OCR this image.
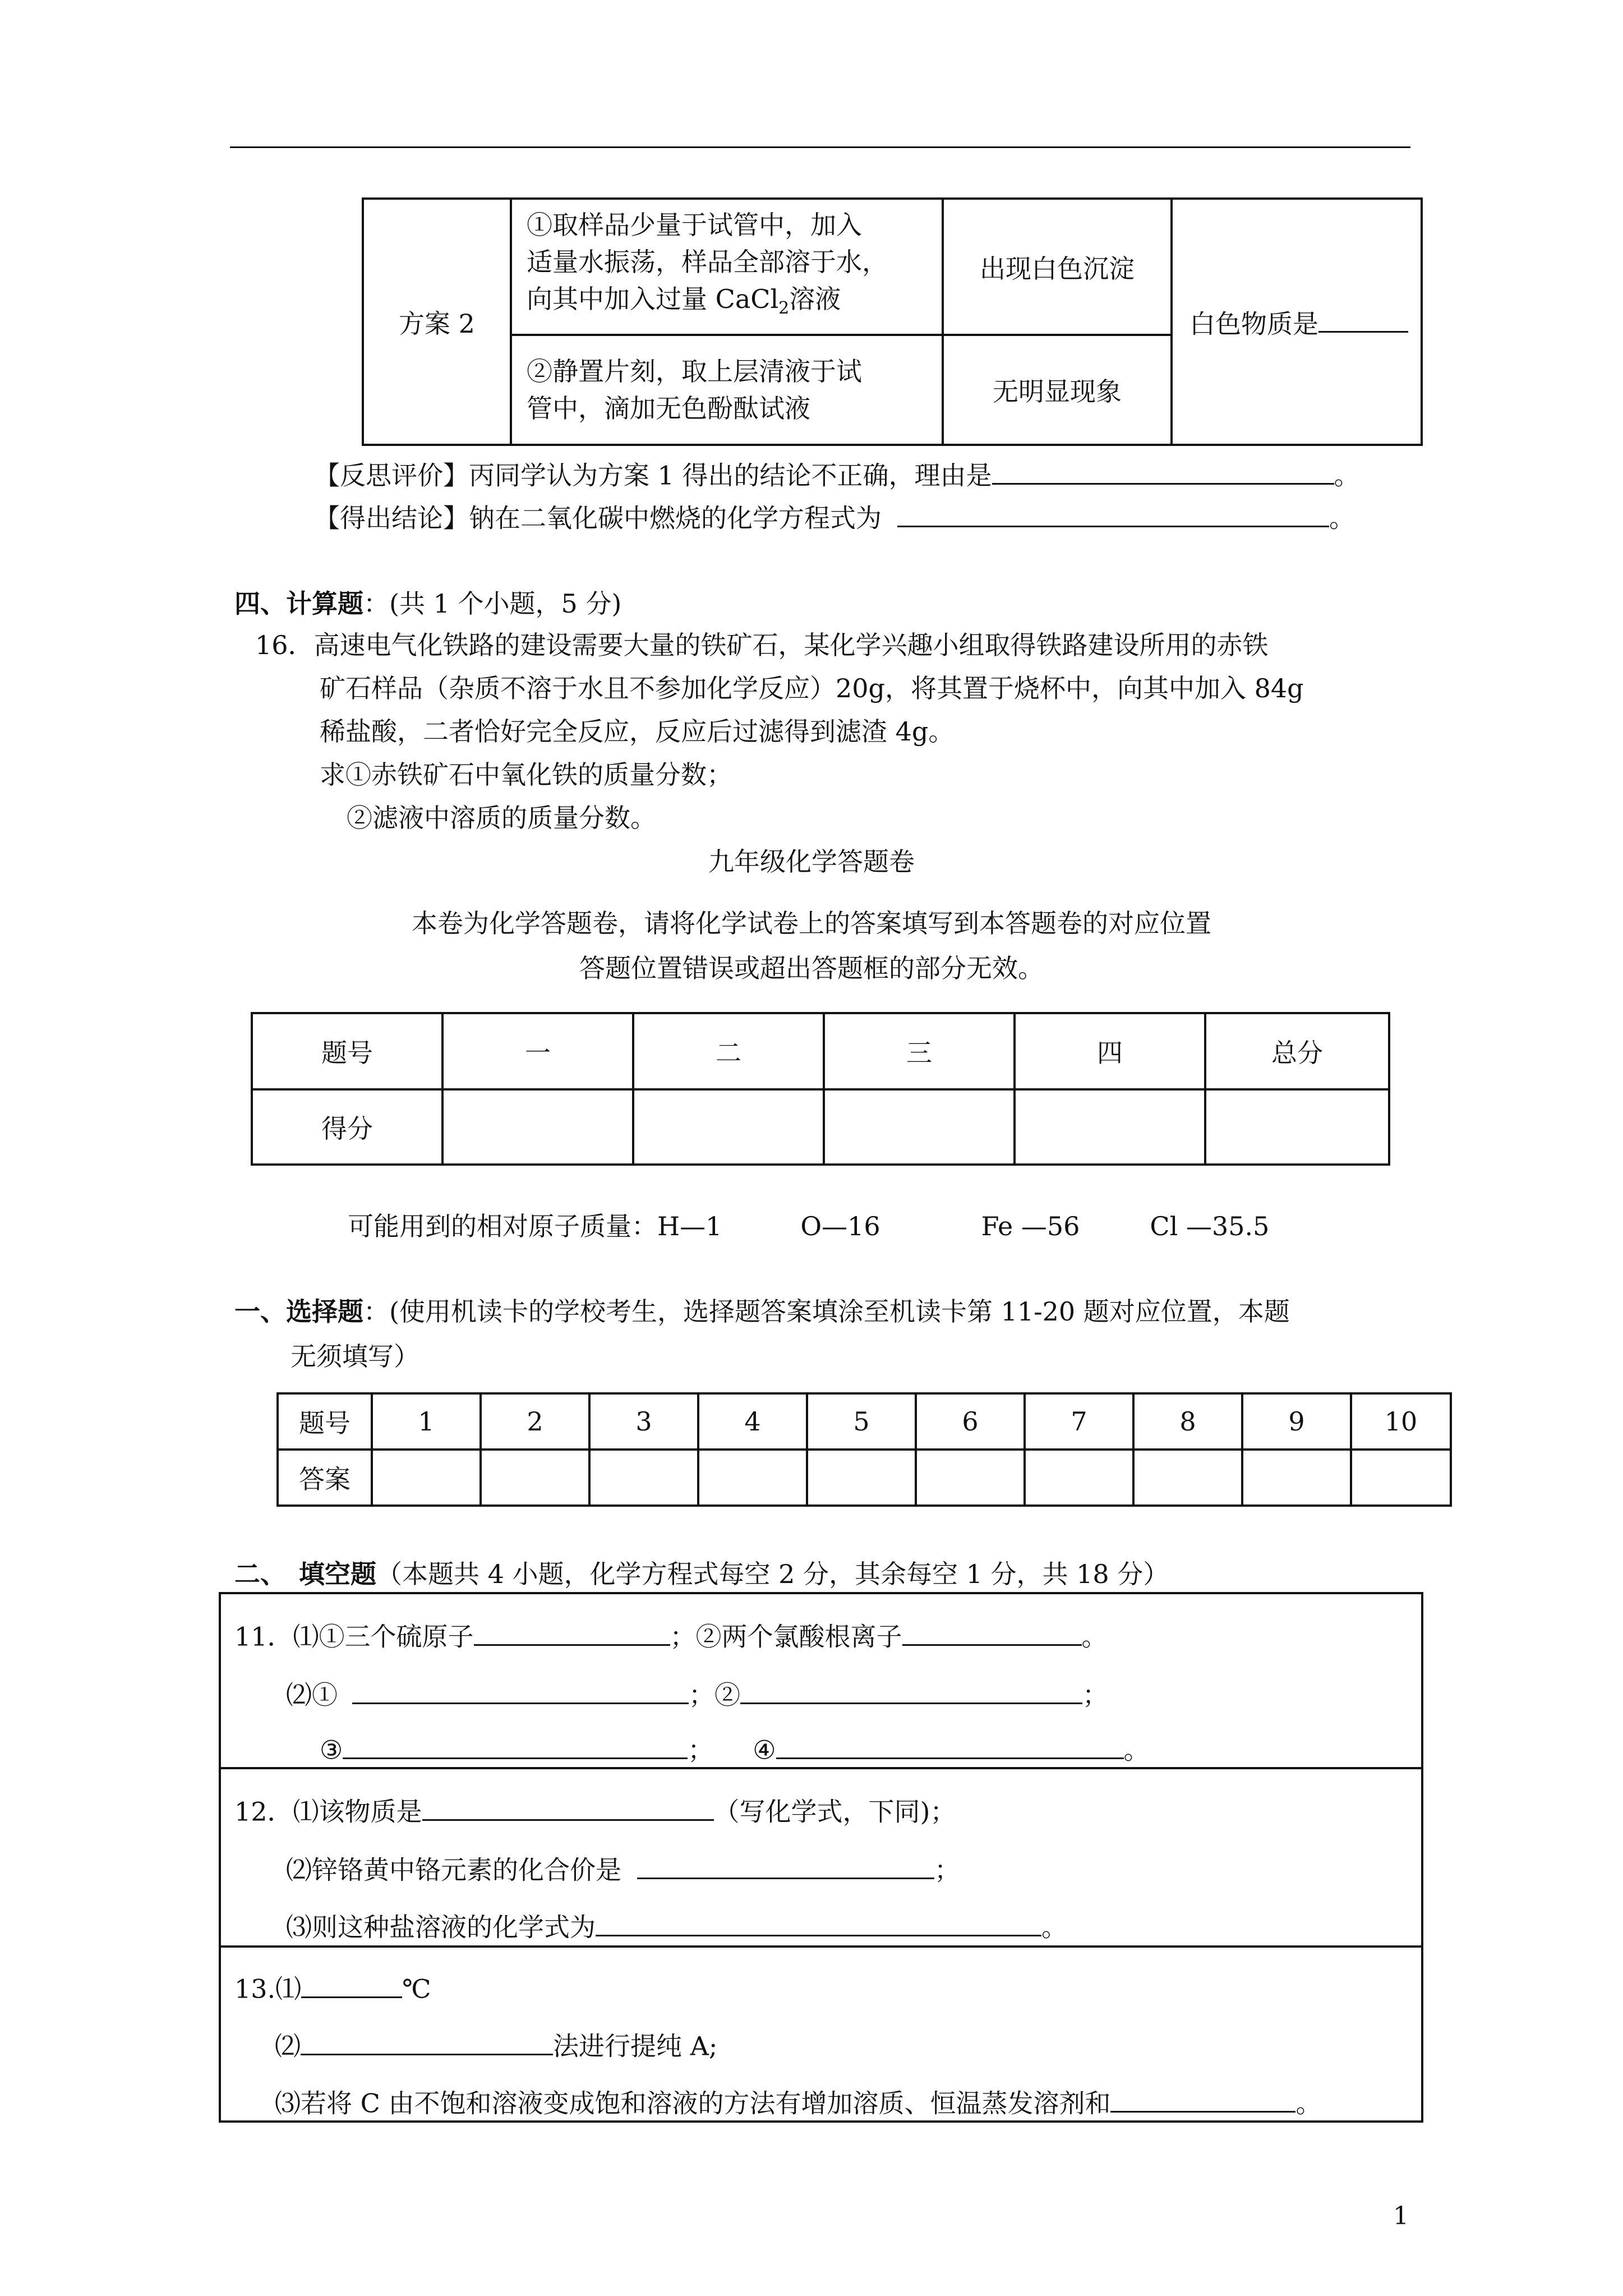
方案 2	①取样品少量于试管中，加入
适量水振荡，样品全部溶于水，
向其中加入过量 CaCl$_2$溶液	出现白色沉淀	白色物质是

	②静置片刻，取上层清液于试
管中，滴加无色酚酞试液	无明显现象	
【反思评价】丙同学认为方案 1 得出的结论不正确，理由是	。
【得出结论】钠在二氧化碳中燃烧的化学方程式为	。
四、计算题：(共 1 个小题，5 分)
16．高速电气化铁路的建设需要大量的铁矿石，某化学兴趣小组取得铁路建设所用的赤铁
矿石样品（杂质不溶于水且不参加化学反应）20g，将其置于烧杯中，向其中加入 84g
稀盐酸，二者恰好完全反应，反应后过滤得到滤渣 4g。
求①赤铁矿石中氧化铁的质量分数；
②滤液中溶质的质量分数。
九年级化学答题卷
本卷为化学答题卷，请将化学试卷上的答案填写到本答题卷的对应位置
答题位置错误或超出答题框的部分无效。
题号	一	二	三	四	总分
得分					
可能用到的相对原子质量：H—1	O—16	Fe —56	Cl —35.5
一、选择题：(使用机读卡的学校考生，选择题答案填涂至机读卡第 11-20 题对应位置，本题
无须填写）
题号	1	2	3	4	5	6	7	8	9	10
答案										
二、　填空题（本题共 4 小题，化学方程式每空 2 分，其余每空 1 分，共 18 分）
11．⑴①三个硫原子	；②两个氯酸根离子	。
⑵①	；②	；
③	； ④	。
12．⑴该物质是	（写化学式，下同)；
⑵锌铬黄中铬元素的化合价是	；
⑶则这种盐溶液的化学式为	。
13.⑴	℃
⑵	法进行提纯 A;
⑶若将 C 由不饱和溶液变成饱和溶液的方法有增加溶质、恒温蒸发溶剂和	。
1
